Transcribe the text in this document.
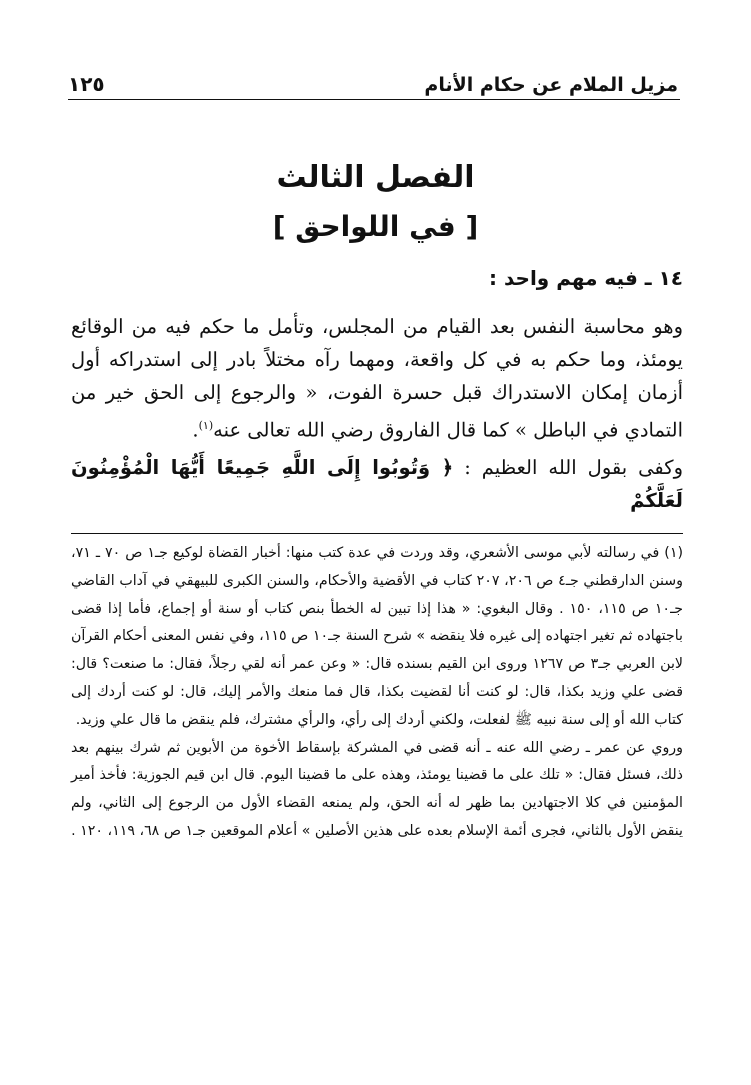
مزيل الملام عن حكام الأنام
١٢٥
الفصل الثالث
[ في اللواحق ]
١٤ ـ فيه مهم واحد :

وهو محاسبة النفس بعد القيام من المجلس، وتأمل ما حكم فيه من الوقائع يومئذ، وما حكم به في كل واقعة، ومهما رآه مختلاً بادر إلى استدراكه أول أزمان إمكان الاستدراك قبل حسرة الفوت، « والرجوع إلى الحق خير من التمادي في الباطل » كما قال الفاروق رضي الله تعالى عنه$^{(١)}$.

وكفى بقول الله العظيم : ﴿ وَتُوبُوا إِلَى اللَّهِ جَمِيعًا أَيُّهَا الْمُؤْمِنُونَ لَعَلَّكُمْ

(١) في رسالته لأبي موسى الأشعري، وقد وردت في عدة كتب منها: أخبار القضاة لوكيع جـ١ ص ٧٠ ـ ٧١، وسنن الدارقطني جـ٤ ص ٢٠٦، ٢٠٧ كتاب في الأقضية والأحكام، والسنن الكبرى للبيهقي في آداب القاضي جـ١٠ ص ١١٥، ١٥٠ . وقال البغوي: « هذا إذا تبين له الخطأ بنص كتاب أو سنة أو إجماع، فأما إذا قضى باجتهاده ثم تغير اجتهاده إلى غيره فلا ينقضه » شرح السنة جـ١٠ ص ١١٥، وفي نفس المعنى أحكام القرآن لابن العربي جـ٣ ص ١٢٦٧ وروى ابن القيم بسنده قال: « وعن عمر أنه لقي رجلاً، فقال: ما صنعت؟ قال: قضى علي وزيد بكذا، قال: لو كنت أنا لقضيت بكذا، قال فما منعك والأمر إليك، قال: لو كنت أردك إلى كتاب الله أو إلى سنة نبيه ﷺ لفعلت، ولكني أردك إلى رأي، والرأي مشترك، فلم ينقض ما قال علي وزيد.

وروي عن عمر ـ رضي الله عنه ـ أنه قضى في المشركة بإسقاط الأخوة من الأبوين ثم شرك بينهم بعد ذلك، فسئل فقال: « تلك على ما قضينا يومئذ، وهذه على ما قضينا اليوم. قال ابن قيم الجوزية: فأخذ أمير المؤمنين في كلا الاجتهادين بما ظهر له أنه الحق، ولم يمنعه القضاء الأول من الرجوع إلى الثاني، ولم ينقض الأول بالثاني، فجرى أئمة الإسلام بعده على هذين الأصلين » أعلام الموقعين جـ١ ص ٦٨، ١١٩، ١٢٠ .
